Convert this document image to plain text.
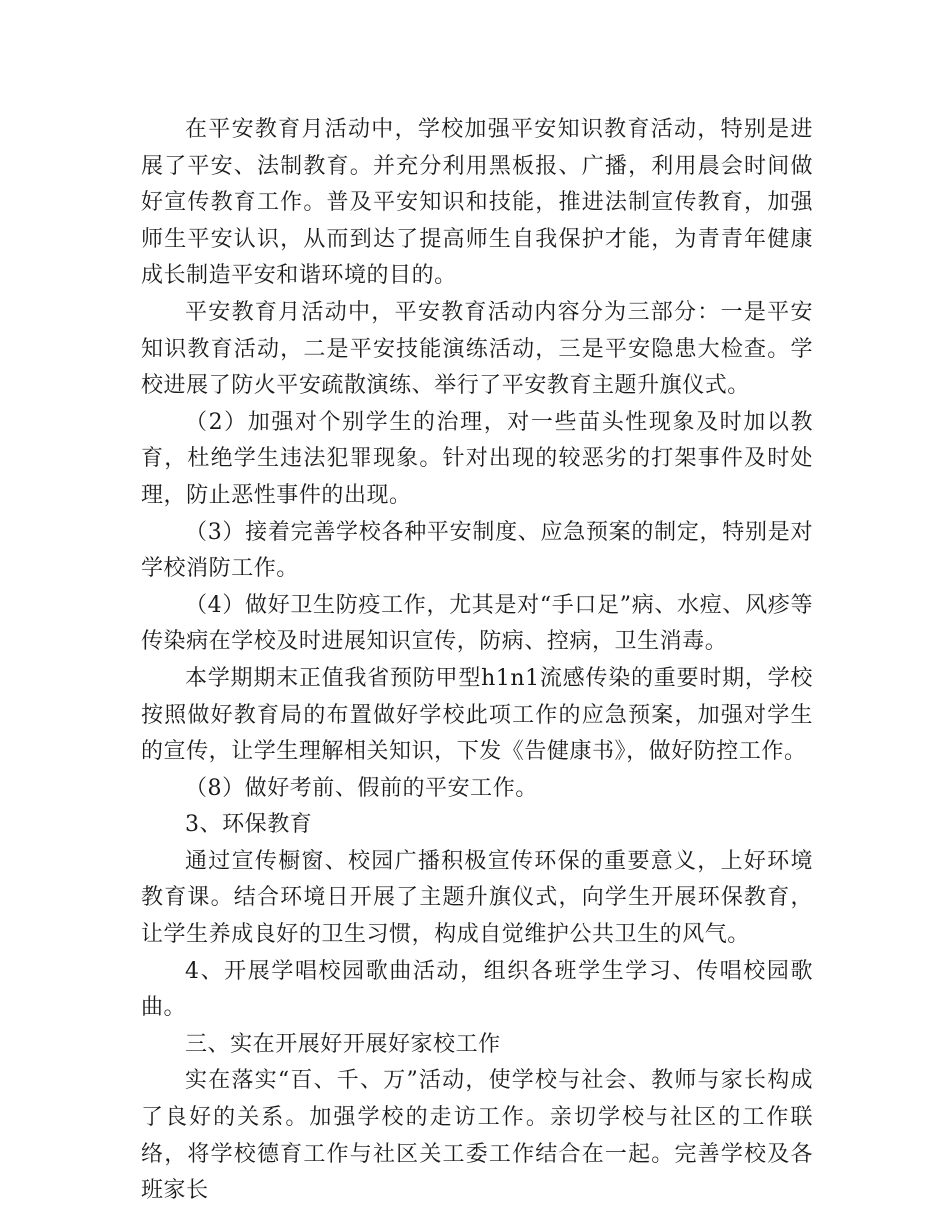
在平安教育月活动中，学校加强平安知识教育活动，特别是进展了平安、法制教育。并充分利用黑板报、广播，利用晨会时间做好宣传教育工作。普及平安知识和技能，推进法制宣传教育，加强师生平安认识，从而到达了提高师生自我保护才能，为青青年健康成长制造平安和谐环境的目的。

平安教育月活动中，平安教育活动内容分为三部分：一是平安知识教育活动，二是平安技能演练活动，三是平安隐患大检查。学校进展了防火平安疏散演练、举行了平安教育主题升旗仪式。

（2）加强对个别学生的治理，对一些苗头性现象及时加以教育，杜绝学生违法犯罪现象。针对出现的较恶劣的打架事件及时处理，防止恶性事件的出现。

（3）接着完善学校各种平安制度、应急预案的制定，特别是对学校消防工作。

（4）做好卫生防疫工作，尤其是对“手口足”病、水痘、风疹等传染病在学校及时进展知识宣传，防病、控病，卫生消毒。

本学期期末正值我省预防甲型h1n1流感传染的重要时期，学校按照做好教育局的布置做好学校此项工作的应急预案，加强对学生的宣传，让学生理解相关知识，下发《告健康书》，做好防控工作。

（8）做好考前、假前的平安工作。

3、环保教育

通过宣传橱窗、校园广播积极宣传环保的重要意义，上好环境教育课。结合环境日开展了主题升旗仪式，向学生开展环保教育，让学生养成良好的卫生习惯，构成自觉维护公共卫生的风气。

4、开展学唱校园歌曲活动，组织各班学生学习、传唱校园歌曲。

三、实在开展好开展好家校工作

实在落实“百、千、万”活动，使学校与社会、教师与家长构成了良好的关系。加强学校的走访工作。亲切学校与社区的工作联络，将学校德育工作与社区关工委工作结合在一起。完善学校及各班家长
